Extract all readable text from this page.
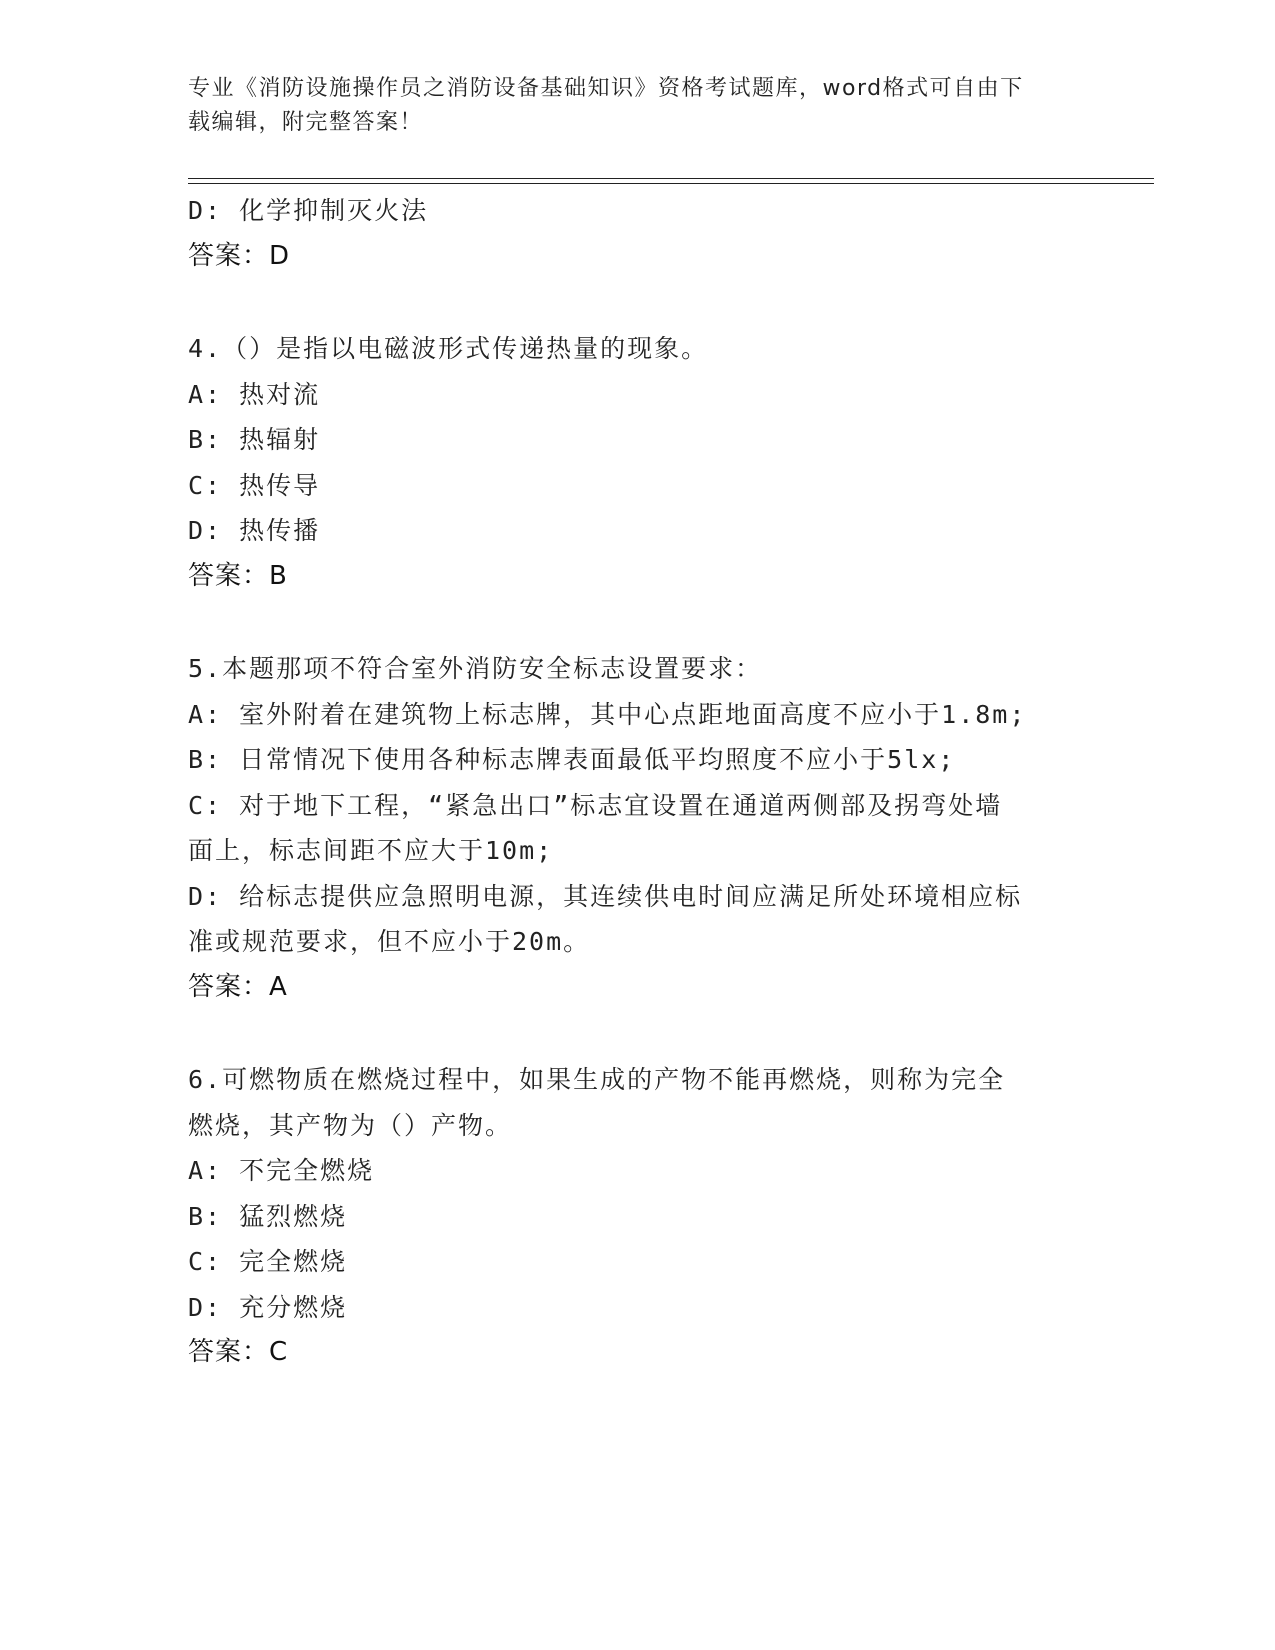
专业《消防设施操作员之消防设备基础知识》资格考试题库，word格式可自由下
载编辑，附完整答案！
D: 化学抑制灭火法
答案：D
4.（）是指以电磁波形式传递热量的现象。
A: 热对流
B: 热辐射
C: 热传导
D: 热传播
答案：B
5.本题那项不符合室外消防安全标志设置要求：
A: 室外附着在建筑物上标志牌，其中心点距地面高度不应小于1.8m;
B: 日常情况下使用各种标志牌表面最低平均照度不应小于5lx;
C: 对于地下工程，“紧急出口”标志宜设置在通道两侧部及拐弯处墙
面上，标志间距不应大于10m;
D: 给标志提供应急照明电源，其连续供电时间应满足所处环境相应标
准或规范要求，但不应小于20m。
答案：A
6.可燃物质在燃烧过程中，如果生成的产物不能再燃烧，则称为完全
燃烧，其产物为（）产物。
A: 不完全燃烧
B: 猛烈燃烧
C: 完全燃烧
D: 充分燃烧
答案：C
